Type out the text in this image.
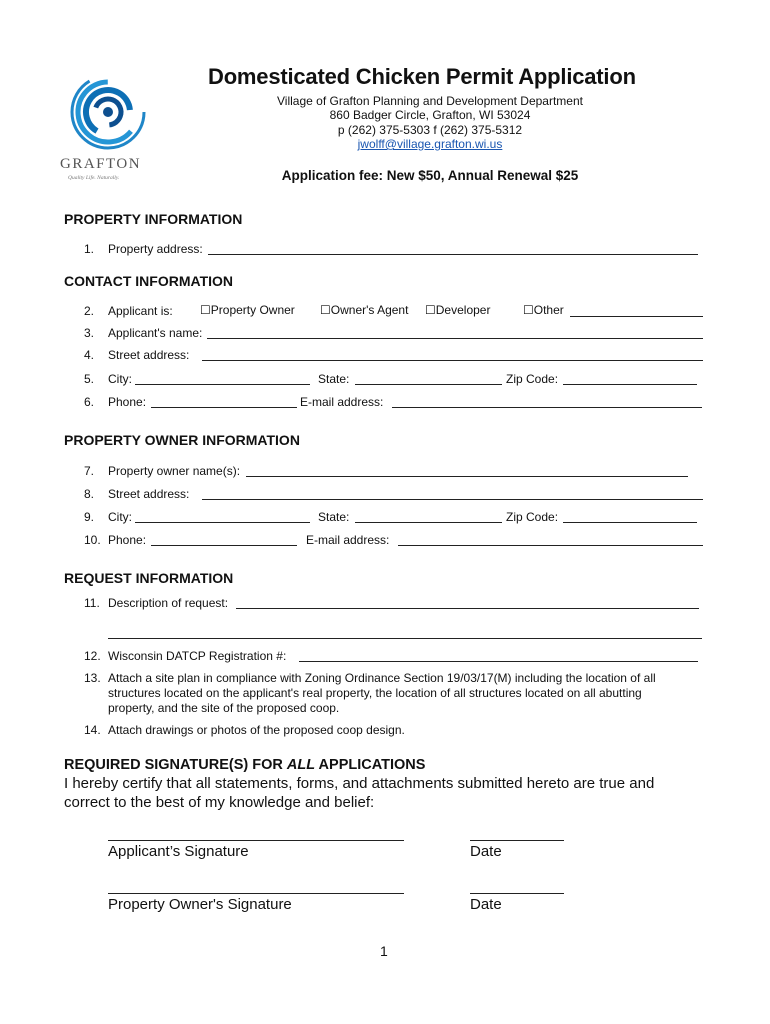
GRAFTON
Quality Life. Naturally.
Domesticated Chicken Permit Application
Village of Grafton Planning and Development Department
860 Badger Circle, Grafton, WI 53024
p (262) 375-5303 f (262) 375-5312
jwolff@village.grafton.wi.us
Application fee: New $50, Annual Renewal $25
PROPERTY INFORMATION
1. Property address:
CONTACT INFORMATION
2. Applicant is: ☐Property Owner ☐Owner's Agent ☐Developer	☐Other
3. Applicant's name:
4. Street address:
5. City:	State:	Zip Code:
6. Phone:	E-mail address:
PROPERTY OWNER INFORMATION
7. Property owner name(s):
8. Street address:
9. City:	State:	Zip Code:
10. Phone:	E-mail address:
REQUEST INFORMATION
11. Description of request:
12. Wisconsin DATCP Registration #:
13. Attach a site plan in compliance with Zoning Ordinance Section 19/03/17(M) including the location of all
structures located on the applicant's real property, the location of all structures located on all abutting
property, and the site of the proposed coop.
14. Attach drawings or photos of the proposed coop design.
REQUIRED SIGNATURE(S) FOR ALL APPLICATIONS
I hereby certify that all statements, forms, and attachments submitted hereto are true and
correct to the best of my knowledge and belief:
Applicant’s Signature	Date
Property Owner's Signature	Date
1
